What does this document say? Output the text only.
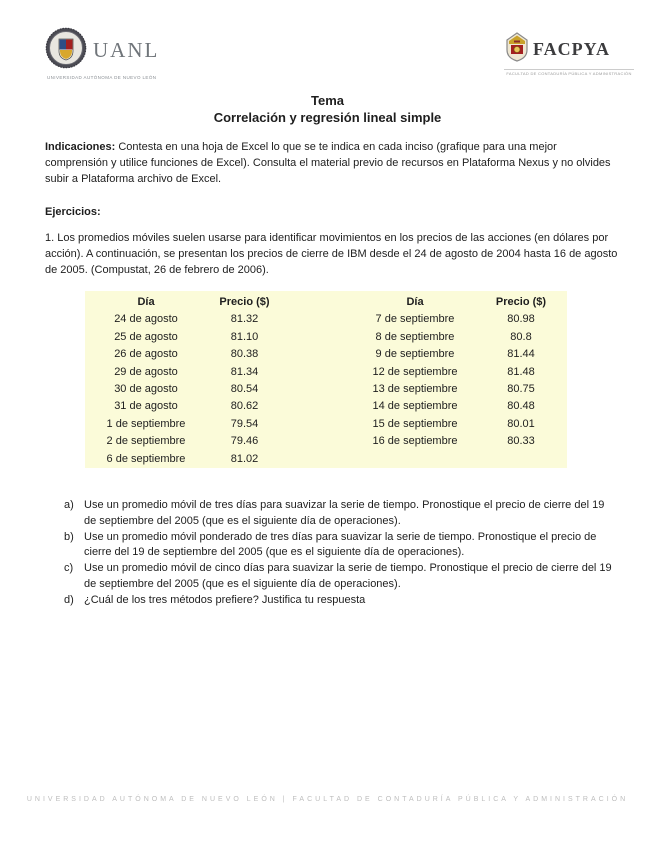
UANL
UNIVERSIDAD AUTÓNOMA DE NUEVO LEÓN
FACPYA
FACULTAD DE CONTADURÍA PÚBLICA Y ADMINISTRACIÓN
Tema
Correlación y regresión lineal simple

Indicaciones: Contesta en una hoja de Excel lo que se te indica en cada inciso (grafique para una mejor comprensión y utilice funciones de Excel). Consulta el material previo de recursos en Plataforma Nexus y no olvides subir a Plataforma archivo de Excel.

Ejercicios:

1. Los promedios móviles suelen usarse para identificar movimientos en los precios de las acciones (en dólares por acción). A continuación, se presentan los precios de cierre de IBM desde el 24 de agosto de 2004 hasta 16 de agosto de 2005. (Compustat, 26 de febrero de 2006).

Día	Precio ($)
24 de agosto	81.32
25 de agosto	81.10
26 de agosto	80.38
29 de agosto	81.34
30 de agosto	80.54
31 de agosto	80.62
1 de septiembre	79.54
2 de septiembre	79.46
6 de septiembre	81.02
Día	Precio ($)
7 de septiembre	80.98
8 de septiembre	80.8
9 de septiembre	81.44
12 de septiembre	81.48
13 de septiembre	80.75
14 de septiembre	80.48
15 de septiembre	80.01
16 de septiembre	80.33
a) Use un promedio móvil de tres días para suavizar la serie de tiempo. Pronostique el precio de cierre del 19 de septiembre del 2005 (que es el siguiente día de operaciones).
b) Use un promedio móvil ponderado de tres días para suavizar la serie de tiempo. Pronostique el precio de cierre del 19 de septiembre del 2005 (que es el siguiente día de operaciones).
c) Use un promedio móvil de cinco días para suavizar la serie de tiempo. Pronostique el precio de cierre del 19 de septiembre del 2005 (que es el siguiente día de operaciones).
d) ¿Cuál de los tres métodos prefiere? Justifica tu respuesta
UNIVERSIDAD AUTÓNOMA DE NUEVO LEÓN | FACULTAD DE CONTADURÍA PÚBLICA Y ADMINISTRACIÓN
